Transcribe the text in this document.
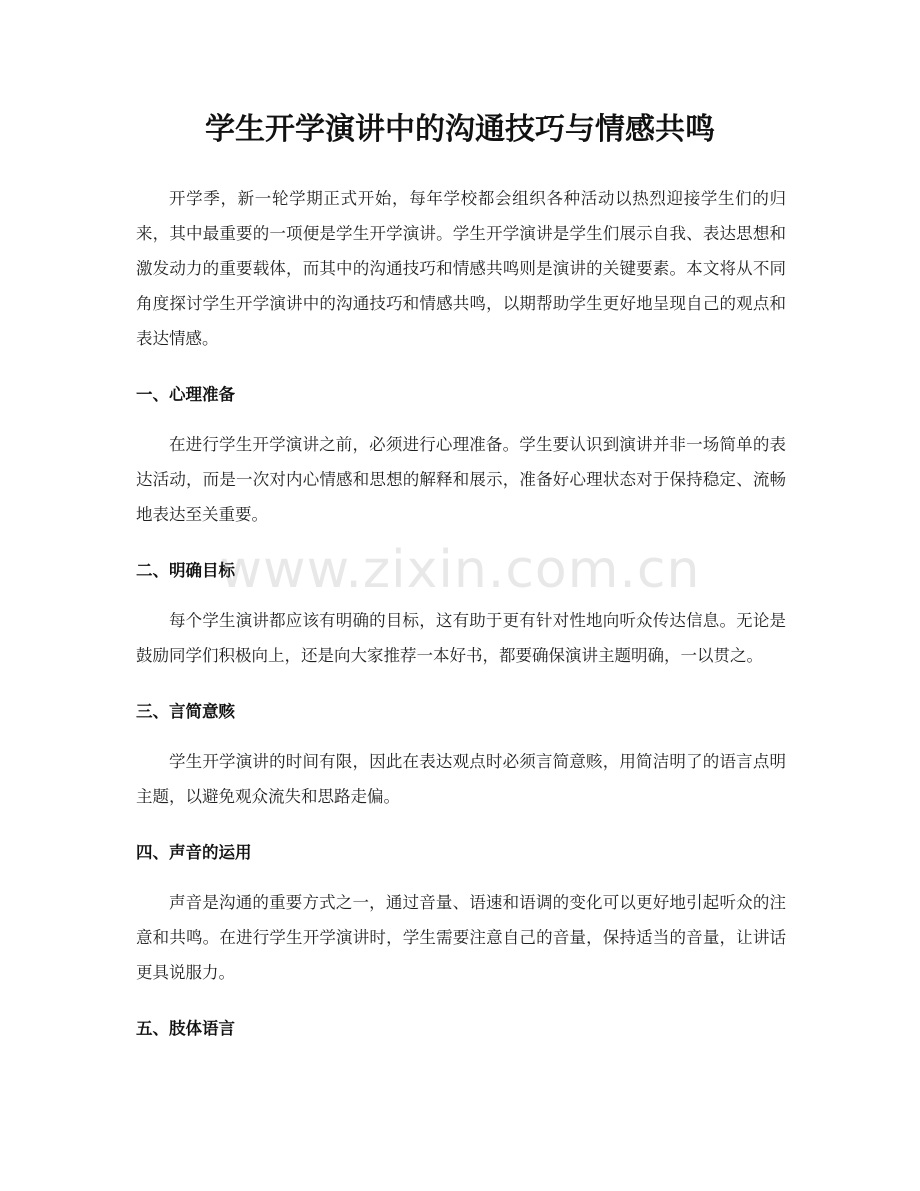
学生开学演讲中的沟通技巧与情感共鸣

开学季，新一轮学期正式开始，每年学校都会组织各种活动以热烈迎接学生们的归来，其中最重要的一项便是学生开学演讲。学生开学演讲是学生们展示自我、表达思想和激发动力的重要载体，而其中的沟通技巧和情感共鸣则是演讲的关键要素。本文将从不同角度探讨学生开学演讲中的沟通技巧和情感共鸣，以期帮助学生更好地呈现自己的观点和表达情感。

一、心理准备

在进行学生开学演讲之前，必须进行心理准备。学生要认识到演讲并非一场简单的表达活动，而是一次对内心情感和思想的解释和展示，准备好心理状态对于保持稳定、流畅地表达至关重要。

二、明确目标

每个学生演讲都应该有明确的目标，这有助于更有针对性地向听众传达信息。无论是鼓励同学们积极向上，还是向大家推荐一本好书，都要确保演讲主题明确，一以贯之。

三、言简意赅

学生开学演讲的时间有限，因此在表达观点时必须言简意赅，用简洁明了的语言点明主题，以避免观众流失和思路走偏。

四、声音的运用

声音是沟通的重要方式之一，通过音量、语速和语调的变化可以更好地引起听众的注意和共鸣。在进行学生开学演讲时，学生需要注意自己的音量，保持适当的音量，让讲话更具说服力。

五、肢体语言
www.zixin.com.cn
